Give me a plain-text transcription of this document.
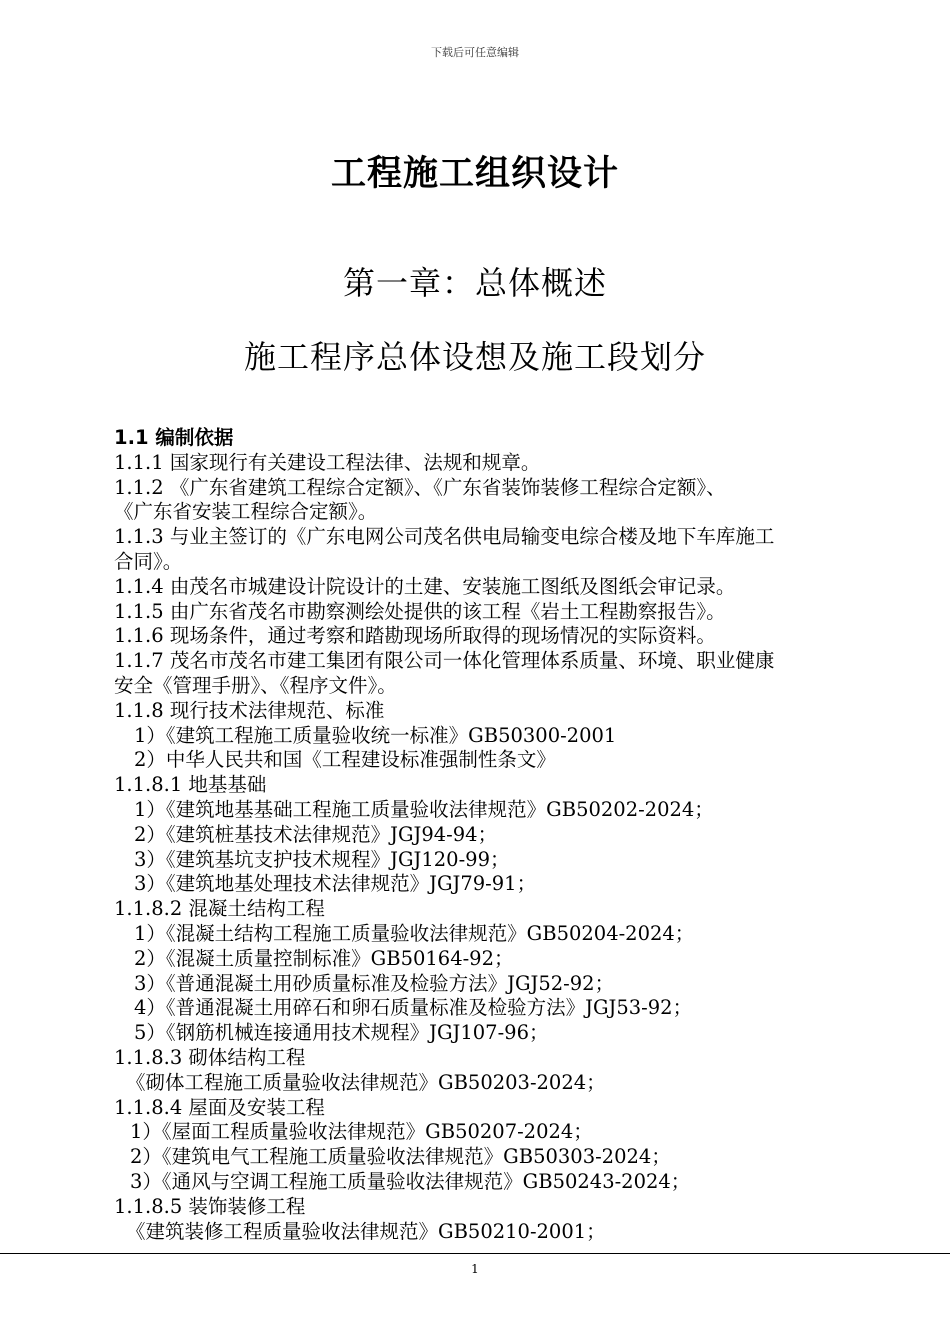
下载后可任意编辑
工程施工组织设计
第一章：总体概述
施工程序总体设想及施工段划分
1.1 编制依据
1.1.1 国家现行有关建设工程法律、法规和规章。
1.1.2 《广东省建筑工程综合定额》、《广东省装饰装修工程综合定额》、
《广东省安装工程综合定额》。
1.1.3 与业主签订的《广东电网公司茂名供电局输变电综合楼及地下车库施工
合同》。
1.1.4 由茂名市城建设计院设计的土建、安装施工图纸及图纸会审记录。
1.1.5 由广东省茂名市勘察测绘处提供的该工程《岩土工程勘察报告》。
1.1.6 现场条件，通过考察和踏勘现场所取得的现场情况的实际资料。
1.1.7 茂名市茂名市建工集团有限公司一体化管理体系质量、环境、职业健康
安全《管理手册》、《程序文件》。
1.1.8 现行技术法律规范、标准
1）《建筑工程施工质量验收统一标准》GB50300-2001
2）中华人民共和国《工程建设标准强制性条文》
1.1.8.1 地基基础
1）《建筑地基基础工程施工质量验收法律规范》GB50202-2024；
2）《建筑桩基技术法律规范》JGJ94-94；
3）《建筑基坑支护技术规程》JGJ120-99；
3）《建筑地基处理技术法律规范》JGJ79-91；
1.1.8.2 混凝土结构工程
1）《混凝土结构工程施工质量验收法律规范》GB50204-2024；
2）《混凝土质量控制标准》GB50164-92；
3）《普通混凝土用砂质量标准及检验方法》JGJ52-92；
4）《普通混凝土用碎石和卵石质量标准及检验方法》JGJ53-92；
5）《钢筋机械连接通用技术规程》JGJ107-96；
1.1.8.3 砌体结构工程
《砌体工程施工质量验收法律规范》GB50203-2024；
1.1.8.4 屋面及安装工程
1）《屋面工程质量验收法律规范》GB50207-2024；
2）《建筑电气工程施工质量验收法律规范》GB50303-2024；
3）《通风与空调工程施工质量验收法律规范》GB50243-2024；
1.1.8.5 装饰装修工程
《建筑装修工程质量验收法律规范》GB50210-2001；
1
